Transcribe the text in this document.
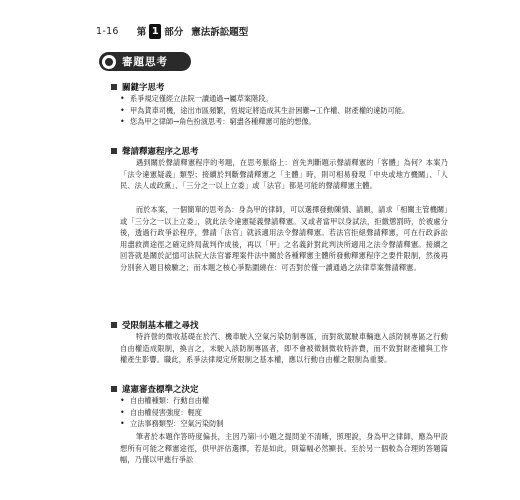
1-16 第 1 部分 憲法訴訟題型
審題思考
關鍵字思考
• 系爭規定僅經立法院一讀通過→屬草案階段。
• 甲為貨車司機，途出市區頻繁，恆規定將造成其生計困難→工作權、財產權的違防可能。
• 您為甲之律師→角色扮演思考：窮盡各種釋憲可能的想像。
聲請釋憲程序之思考

遇到關於聲請釋憲程序的考題，在思考脈絡上：首先判斷題示聲請釋憲的「客體」為何？本案乃「法令違憲疑義」類型；接續於判斷聲請釋憲之「主體」時，則可相易發現「中央或地方機關」、「人民、法人或政黨」、「三分之一以上立委」或「法官」都是可能的聲請釋憲主體。

而於本案，一個簡單的思考為：身為甲的律師，可以選擇發動陳情、請願，請求「相關主管機關」或「三分之一以上立委」，就此法令違憲疑義聲請釋憲。又或者當甲以身試法，拒繳懲罰時，於被處分後，透過行政爭訟程序，聲請「法官」就該適用法令聲請釋憲。若法官拒絕聲請釋憲，可在行政訴訟用盡救濟途徑之確定終局裁判作成後，再以「甲」之名義針對此判決所適用之法令聲請釋憲。接續之回答就是關於記憶可法院大法官審理案件法中關於各種釋憲主體所發動釋憲程序之要件限制，然後再分別套入題目檢驗之；而本題之核心爭點圍繞在：可否對於僅一讀通過之法律草案聲請釋憲。

受限制基本權之尋找

特許營的微收基礎在於汽、機車駛入空氣污染防制專區，而對欲駕駛車輛進入該防制專區之行動自由權造成限制，換言之，未駛入該防制專區者，即不會被徵制微收特許費，而不致對財產權與工作權產生影響。職此，系爭法律規定所限制之基本權，應以行動自由權之限制為重要。

違憲審查標準之決定
• 自由權種類：行動自由權
• 自由權侵害強度：輕度
• 立法事務類型：空氣污染防制

筆者於本題作答時度偏長，主因乃第㈠小題之提問並不清晰，照理說，身為甲之律師，應為甲設想所有可能之釋憲途徑，供甲評估選擇，若是如此，則篇幅必然顯長。至於另一個較為合理的答題篇幅，乃僅以甲進行爭訟
